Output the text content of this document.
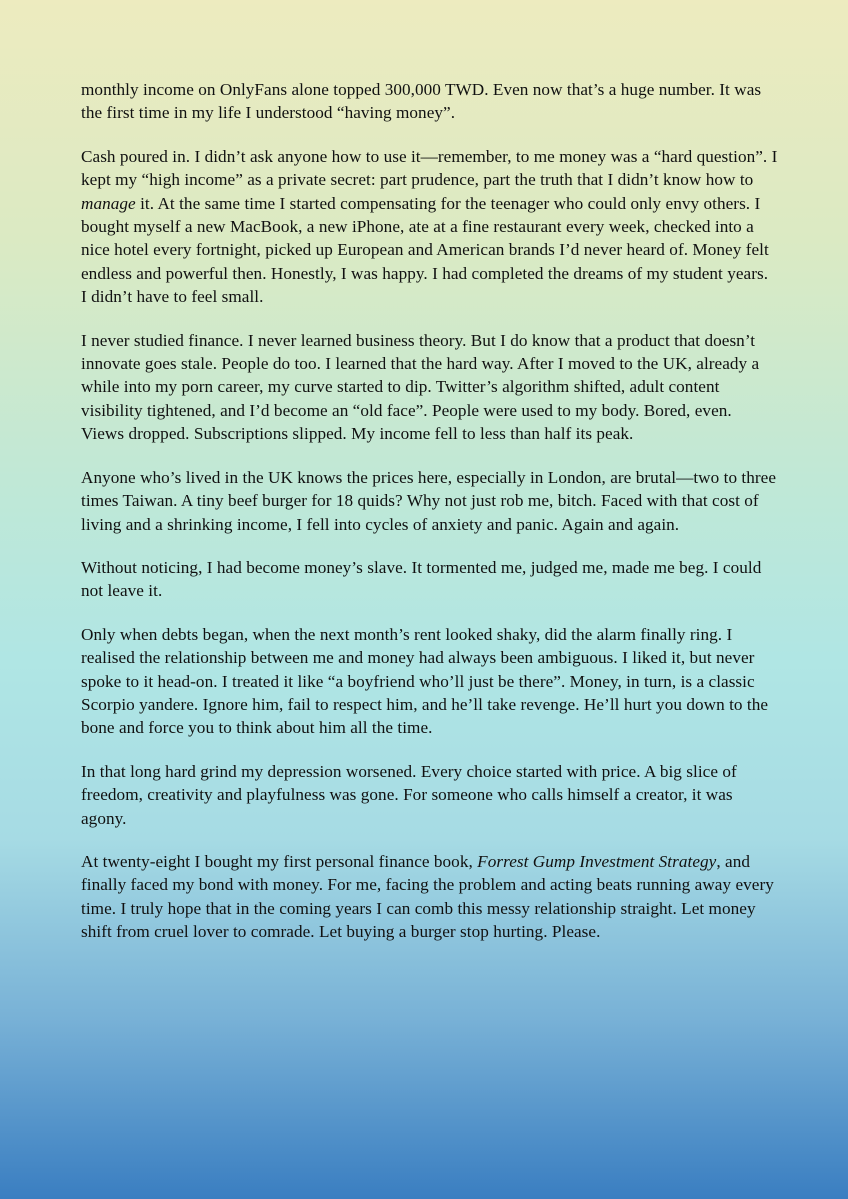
monthly income on OnlyFans alone topped 300,000 TWD. Even now that’s a huge number. It was the first time in my life I understood “having money”.

Cash poured in. I didn’t ask anyone how to use it—remember, to me money was a “hard question”. I kept my “high income” as a private secret: part prudence, part the truth that I didn’t know how to manage it. At the same time I started compensating for the teenager who could only envy others. I bought myself a new MacBook, a new iPhone, ate at a fine restaurant every week, checked into a nice hotel every fortnight, picked up European and American brands I’d never heard of. Money felt endless and powerful then. Honestly, I was happy. I had completed the dreams of my student years. I didn’t have to feel small.

I never studied finance. I never learned business theory. But I do know that a product that doesn’t innovate goes stale. People do too. I learned that the hard way. After I moved to the UK, already a while into my porn career, my curve started to dip. Twitter’s algorithm shifted, adult content visibility tightened, and I’d become an “old face”. People were used to my body. Bored, even. Views dropped. Subscriptions slipped. My income fell to less than half its peak.

Anyone who’s lived in the UK knows the prices here, especially in London, are brutal—two to three times Taiwan. A tiny beef burger for 18 quids? Why not just rob me, bitch. Faced with that cost of living and a shrinking income, I fell into cycles of anxiety and panic. Again and again.

Without noticing, I had become money’s slave. It tormented me, judged me, made me beg. I could not leave it.

Only when debts began, when the next month’s rent looked shaky, did the alarm finally ring. I realised the relationship between me and money had always been ambiguous. I liked it, but never spoke to it head-on. I treated it like “a boyfriend who’ll just be there”. Money, in turn, is a classic Scorpio yandere. Ignore him, fail to respect him, and he’ll take revenge. He’ll hurt you down to the bone and force you to think about him all the time.

In that long hard grind my depression worsened. Every choice started with price. A big slice of freedom, creativity and playfulness was gone. For someone who calls himself a creator, it was agony.

At twenty-eight I bought my first personal finance book, Forrest Gump Investment Strategy, and finally faced my bond with money. For me, facing the problem and acting beats running away every time. I truly hope that in the coming years I can comb this messy relationship straight. Let money shift from cruel lover to comrade. Let buying a burger stop hurting. Please.
